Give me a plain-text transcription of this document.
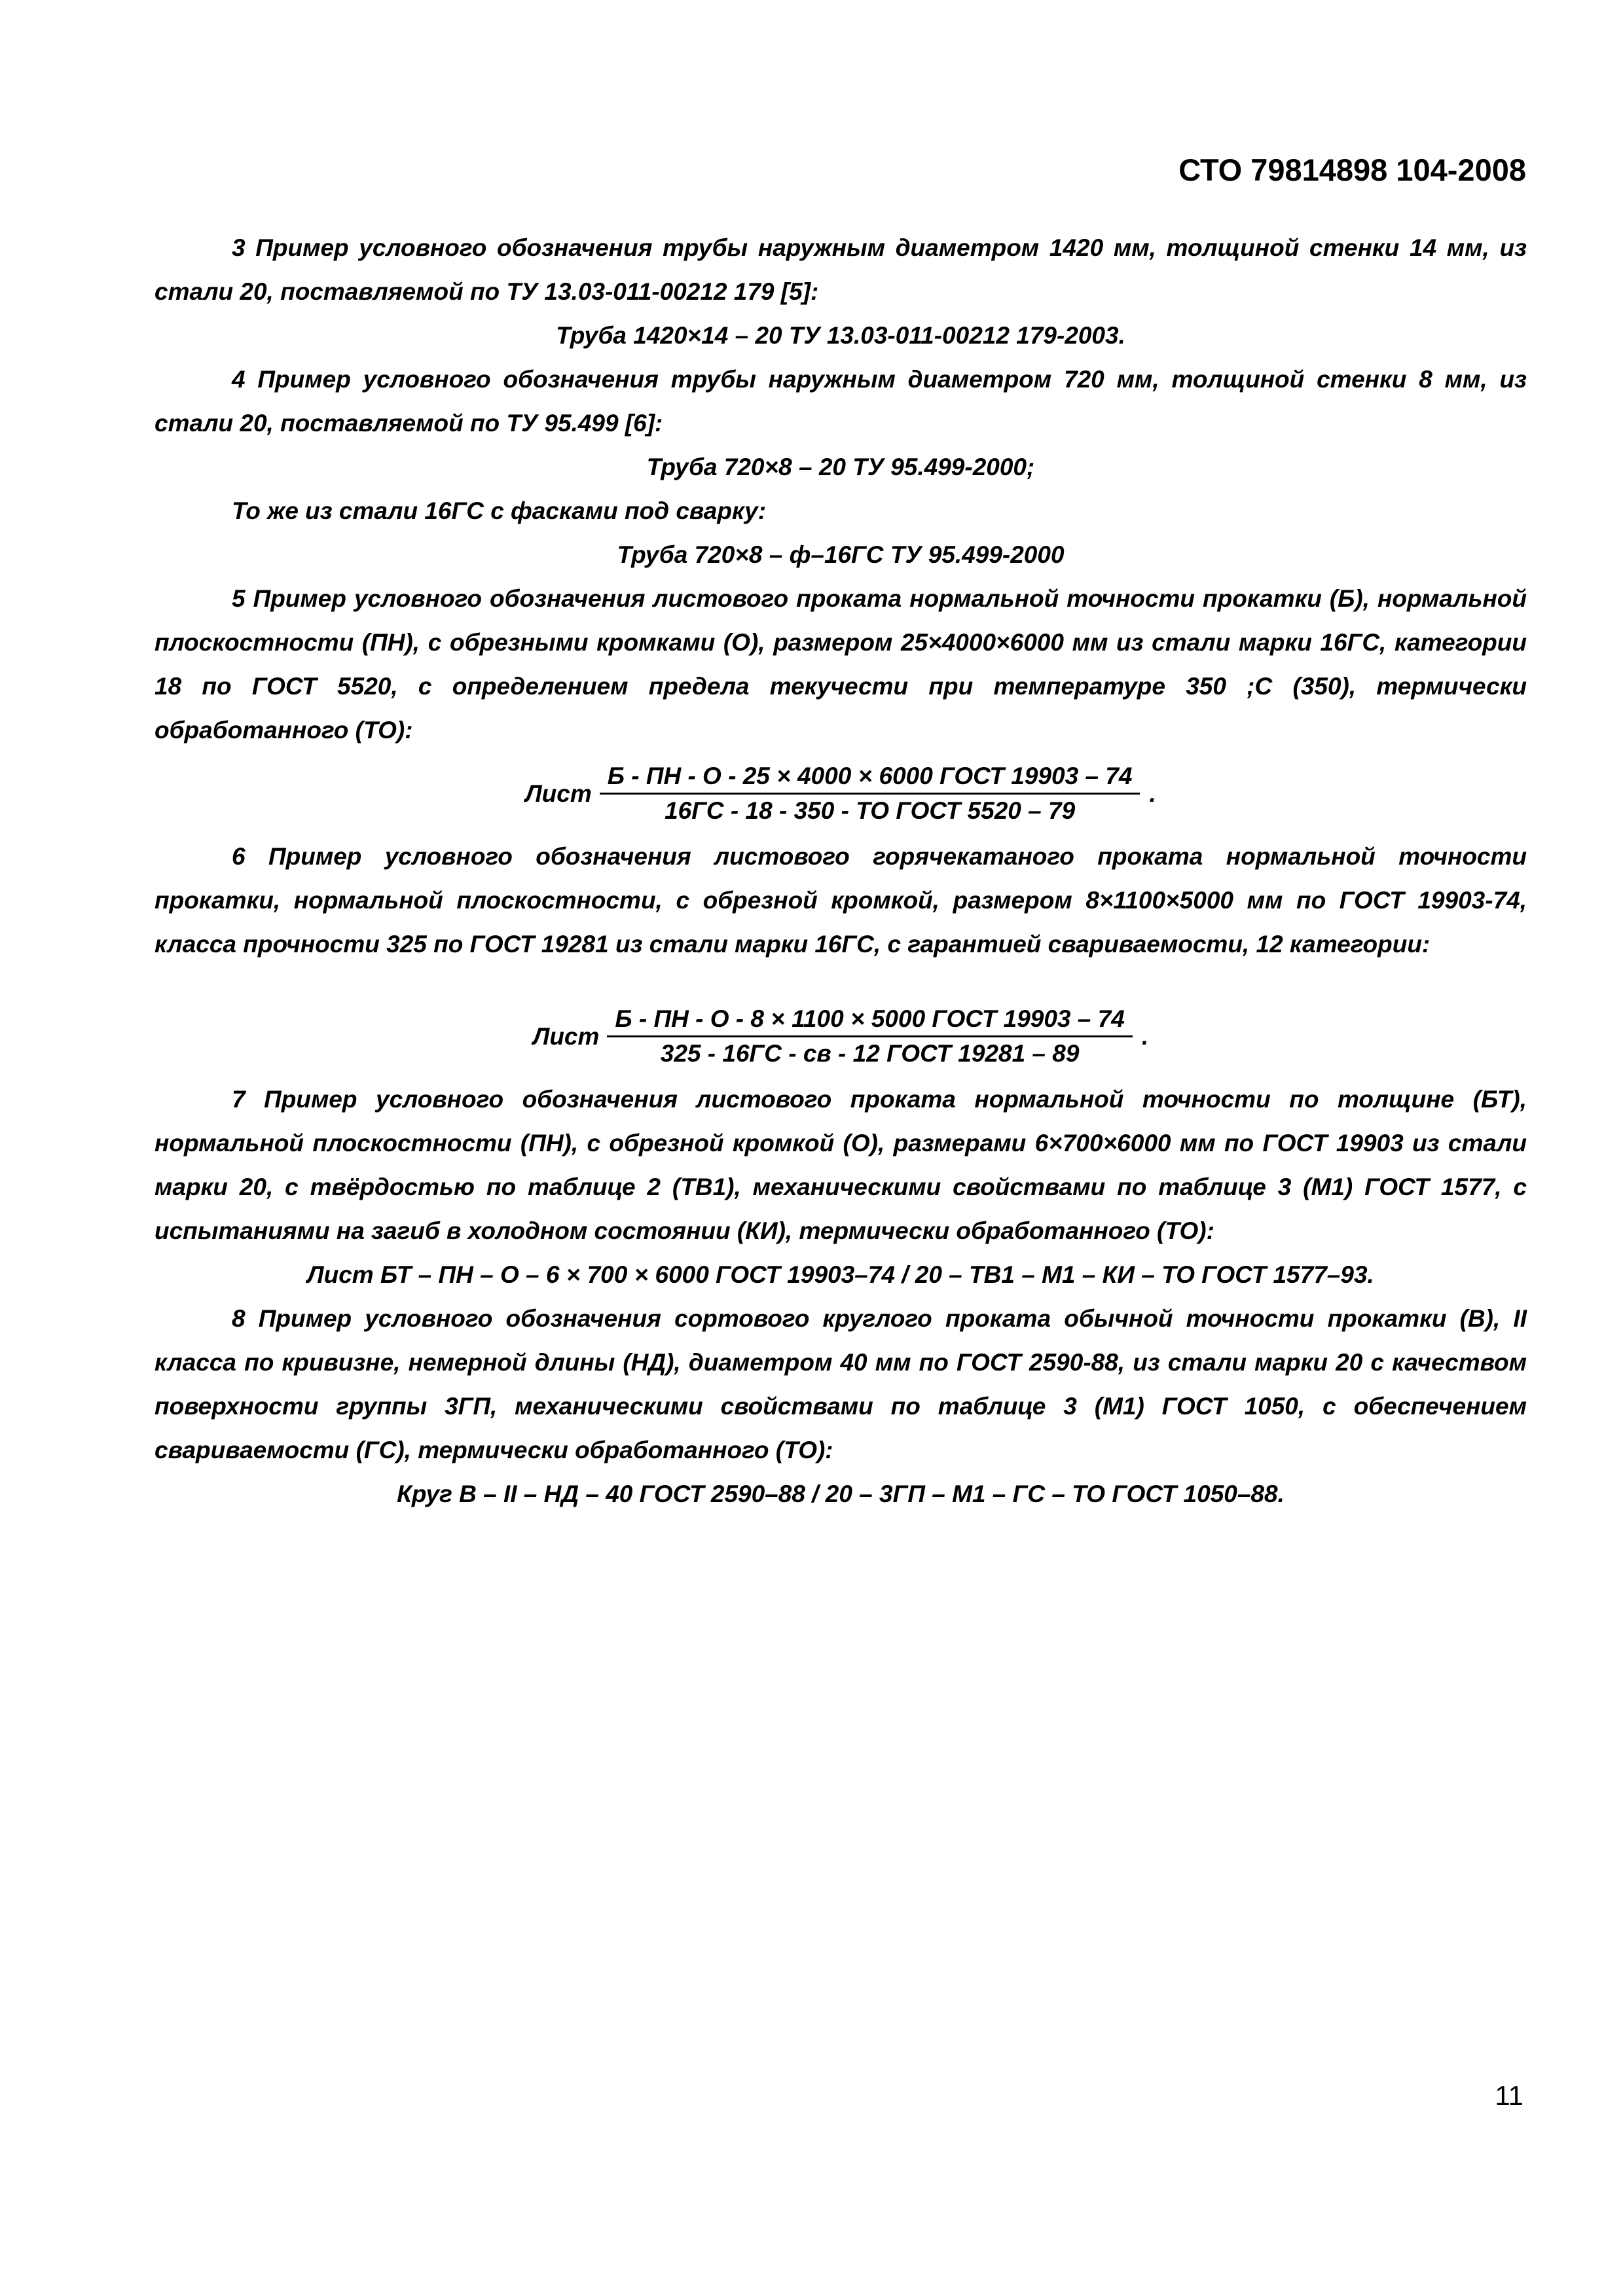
СТО 79814898 104-2008

3 Пример условного обозначения трубы наружным диаметром 1420 мм, толщиной стенки 14 мм, из стали 20, поставляемой по ТУ 13.03-011-00212 179 [5]:

Труба 1420×14 – 20 ТУ 13.03-011-00212 179-2003.

4 Пример условного обозначения трубы наружным диаметром 720 мм, толщиной стенки 8 мм, из стали 20, поставляемой по ТУ 95.499 [6]:

Труба 720×8 – 20 ТУ 95.499-2000;

То же из стали 16ГС с фасками под сварку:

Труба 720×8 – ф–16ГС ТУ 95.499-2000

5 Пример условного обозначения листового проката нормальной точности прокатки (Б), нормальной плоскостности (ПН), с обрезными кромками (О), размером 25×4000×6000 мм из стали марки 16ГС, категории 18 по ГОСТ 5520, с определением предела текучести при температуре 350 ;С (350), термически обработанного (ТО):

Лист $\frac{\text{Б - ПН - О - 25 × 4000 × 6000 ГОСТ 19903 – 74}}{\text{16ГС - 18 - 350 - ТО ГОСТ 5520 – 79}}$ .

6 Пример условного обозначения листового горячекатаного проката нормальной точности прокатки, нормальной плоскостности, с обрезной кромкой, размером 8×1100×5000 мм по ГОСТ 19903-74, класса прочности 325 по ГОСТ 19281 из стали марки 16ГС, с гарантией свариваемости, 12 категории:

Лист $\frac{\text{Б - ПН - О - 8 × 1100 × 5000 ГОСТ 19903 – 74}}{\text{325 - 16ГС - св - 12 ГОСТ 19281 – 89}}$ .

7 Пример условного обозначения листового проката нормальной точности по толщине (БТ), нормальной плоскостности (ПН), с обрезной кромкой (О), размерами 6×700×6000 мм по ГОСТ 19903 из стали марки 20, с твёрдостью по таблице 2 (ТВ1), механическими свойствами по таблице 3 (М1) ГОСТ 1577, с испытаниями на загиб в холодном состоянии (КИ), термически обработанного (ТО):

Лист БТ – ПН – О – 6 × 700 × 6000 ГОСТ 19903–74 / 20 – ТВ1 – М1 – КИ – ТО ГОСТ 1577–93.

8 Пример условного обозначения сортового круглого проката обычной точности прокатки (В), II класса по кривизне, немерной длины (НД), диаметром 40 мм по ГОСТ 2590-88, из стали марки 20 с качеством поверхности группы 3ГП, механическими свойствами по таблице 3 (М1) ГОСТ 1050, с обеспечением свариваемости (ГС), термически обработанного (ТО):

Круг В – II – НД – 40 ГОСТ 2590–88 / 20 – 3ГП – М1 – ГС – ТО ГОСТ 1050–88.

11
